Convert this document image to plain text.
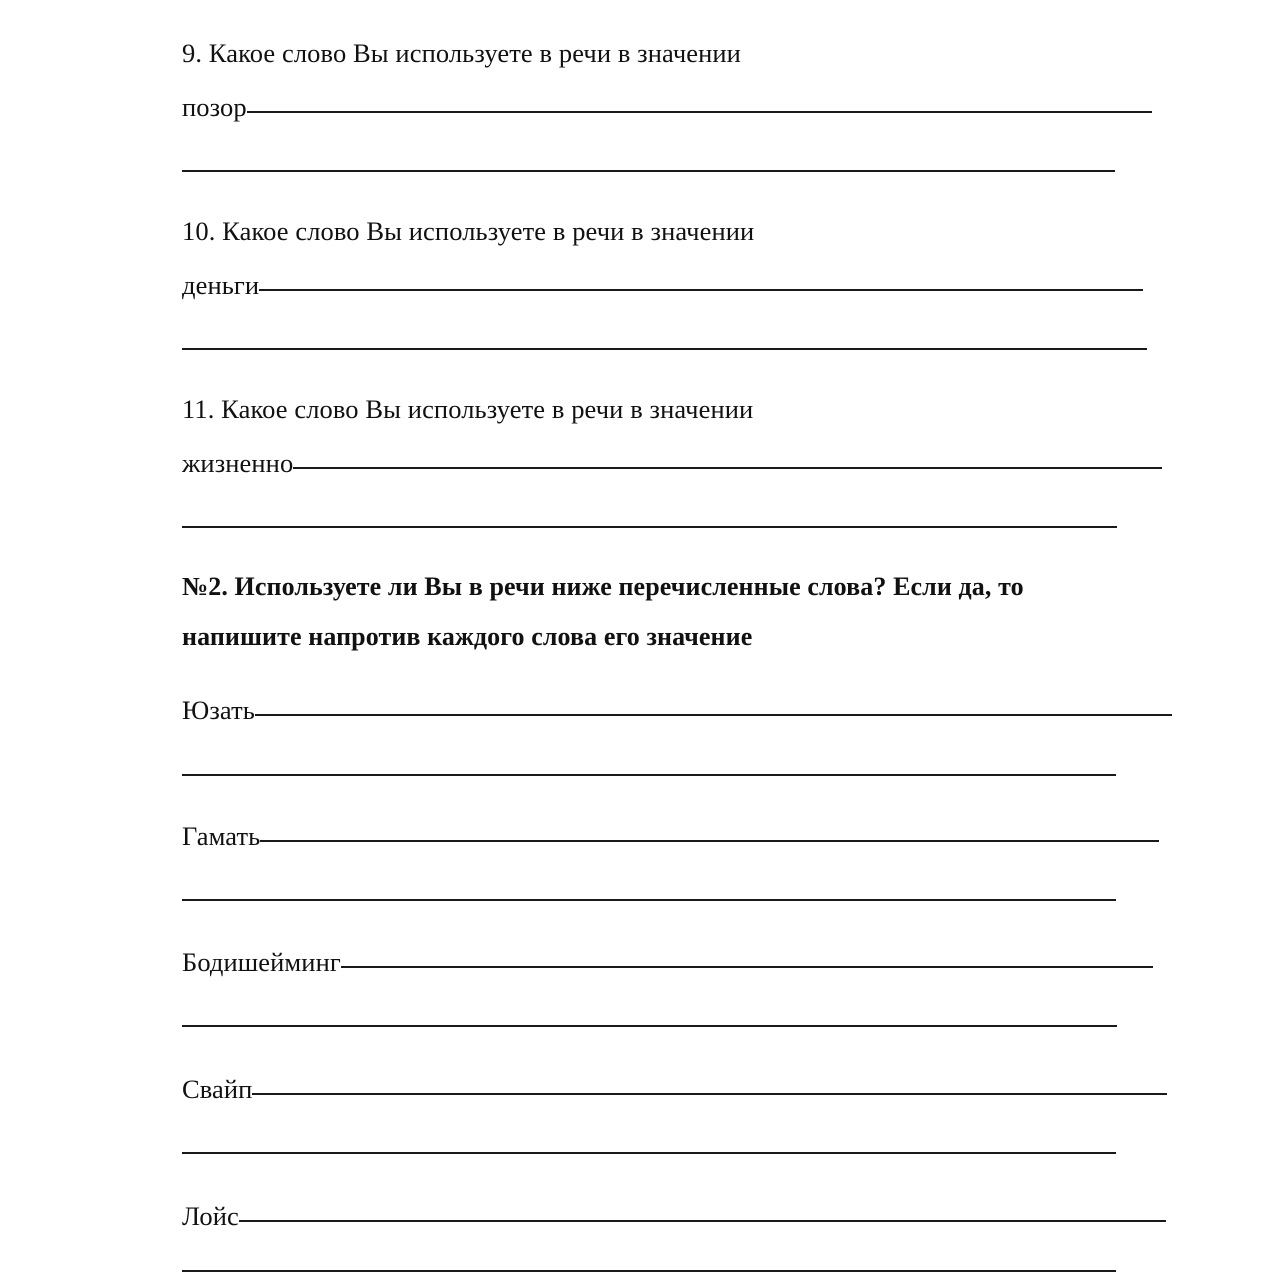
9. Какое слово Вы используете в речи в значении
позор
10. Какое слово Вы используете в речи в значении
деньги
11. Какое слово Вы используете в речи в значении
жизненно
№2. Используете ли Вы в речи ниже перечисленные слова? Если да, то
напишите напротив каждого слова его значение
Юзать
Гамать
Бодишейминг
Свайп
Лойс
